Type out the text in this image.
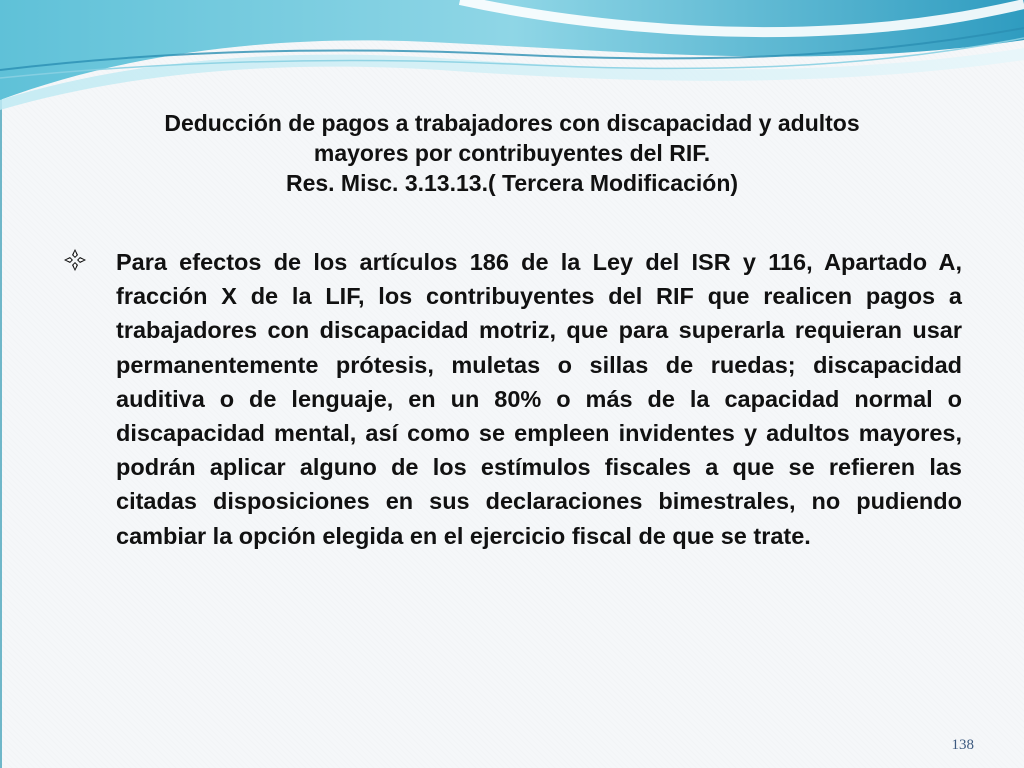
Deducción de pagos a trabajadores con discapacidad y adultos
mayores por contribuyentes del RIF.
Res. Misc. 3.13.13.( Tercera Modificación)
Para efectos de los artículos 186 de la Ley del ISR y 116, Apartado A, fracción X de la LIF, los contribuyentes del RIF que realicen pagos a trabajadores con discapacidad motriz, que para superarla requieran usar permanentemente prótesis, muletas o sillas de ruedas; discapacidad auditiva o de lenguaje, en un 80% o más de la capacidad normal o discapacidad mental, así como se empleen invidentes y adultos mayores, podrán aplicar alguno de los estímulos fiscales a que se refieren las citadas disposiciones en sus declaraciones bimestrales, no pudiendo cambiar la opción elegida en el ejercicio fiscal de que se trate.
138
